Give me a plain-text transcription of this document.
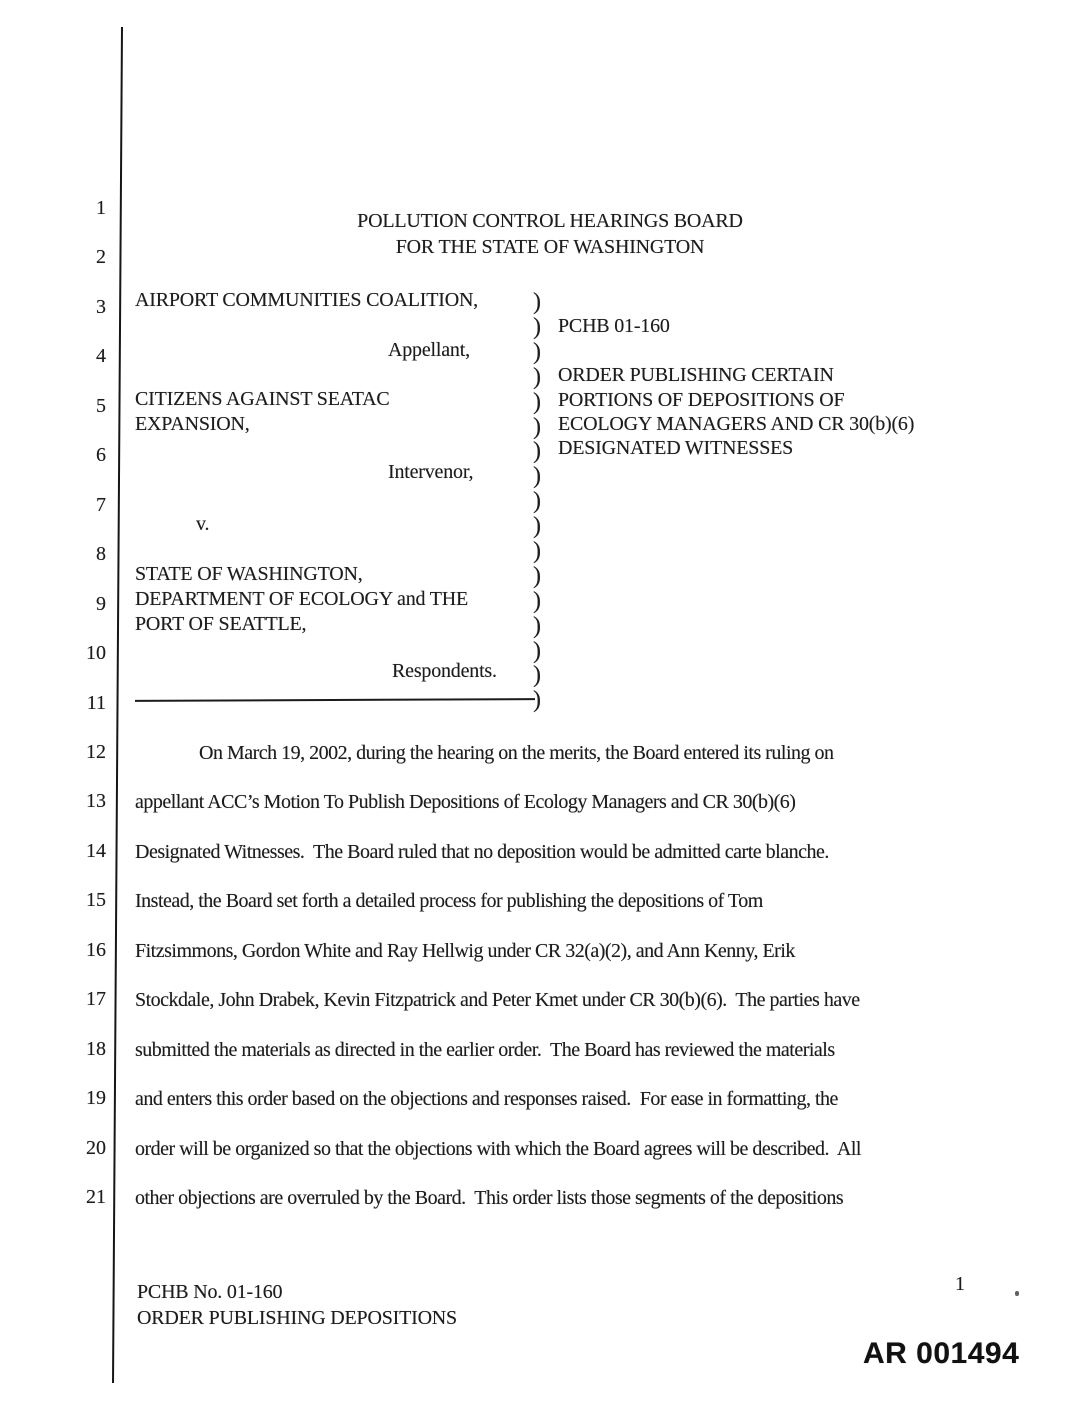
1
2
3
4
5
6
7
8
9
10
11
12
13
14
15
16
17
18
19
20
21
POLLUTION CONTROL HEARINGS BOARD
FOR THE STATE OF WASHINGTON
AIRPORT COMMUNITIES COALITION,
Appellant,
CITIZENS AGAINST SEATAC
EXPANSION,
Intervenor,
v.
STATE OF WASHINGTON,
DEPARTMENT OF ECOLOGY and THE
PORT OF SEATTLE,
Respondents.
)
)
)
)
)
)
)
)
)
)
)
)
)
)
)
)
)
PCHB 01-160
ORDER PUBLISHING CERTAIN
PORTIONS OF DEPOSITIONS OF
ECOLOGY MANAGERS AND CR 30(b)(6)
DESIGNATED WITNESSES
On March 19, 2002, during the hearing on the merits, the Board entered its ruling on
appellant ACC’s Motion To Publish Depositions of Ecology Managers and CR 30(b)(6)
Designated Witnesses.  The Board ruled that no deposition would be admitted carte blanche.
Instead, the Board set forth a detailed process for publishing the depositions of Tom
Fitzsimmons, Gordon White and Ray Hellwig under CR 32(a)(2), and Ann Kenny, Erik
Stockdale, John Drabek, Kevin Fitzpatrick and Peter Kmet under CR 30(b)(6).  The parties have
submitted the materials as directed in the earlier order.  The Board has reviewed the materials
and enters this order based on the objections and responses raised.  For ease in formatting, the
order will be organized so that the objections with which the Board agrees will be described.  All
other objections are overruled by the Board.  This order lists those segments of the depositions
PCHB No. 01-160
ORDER PUBLISHING DEPOSITIONS
1
AR 001494
